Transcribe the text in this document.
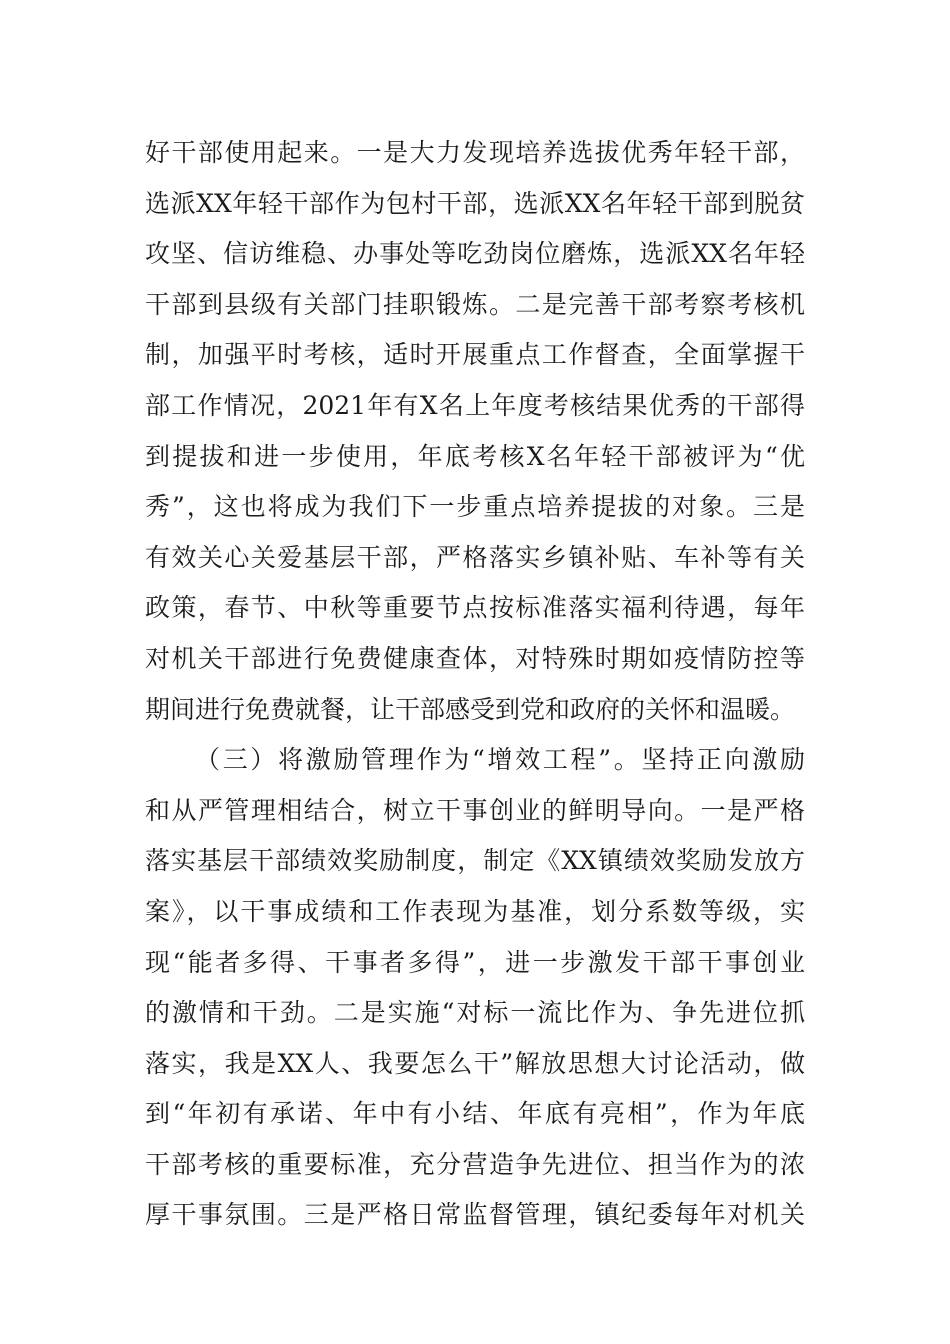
好干部使用起来。一是大力发现培养选拔优秀年轻干部，
选派XX年轻干部作为包村干部，选派XX名年轻干部到脱贫
攻坚、信访维稳、办事处等吃劲岗位磨炼，选派XX名年轻
干部到县级有关部门挂职锻炼。二是完善干部考察考核机
制，加强平时考核，适时开展重点工作督查，全面掌握干
部工作情况，2021年有X名上年度考核结果优秀的干部得
到提拔和进一步使用，年底考核X名年轻干部被评为“优
秀”，这也将成为我们下一步重点培养提拔的对象。三是
有效关心关爱基层干部，严格落实乡镇补贴、车补等有关
政策，春节、中秋等重要节点按标准落实福利待遇，每年
对机关干部进行免费健康查体，对特殊时期如疫情防控等
期间进行免费就餐，让干部感受到党和政府的关怀和温暖。
（三）将激励管理作为“增效工程”。坚持正向激励
和从严管理相结合，树立干事创业的鲜明导向。一是严格
落实基层干部绩效奖励制度，制定《XX镇绩效奖励发放方
案》，以干事成绩和工作表现为基准，划分系数等级，实
现“能者多得、干事者多得”，进一步激发干部干事创业
的激情和干劲。二是实施“对标一流比作为、争先进位抓
落实，我是XX人、我要怎么干”解放思想大讨论活动，做
到“年初有承诺、年中有小结、年底有亮相”，作为年底
干部考核的重要标准，充分营造争先进位、担当作为的浓
厚干事氛围。三是严格日常监督管理，镇纪委每年对机关
